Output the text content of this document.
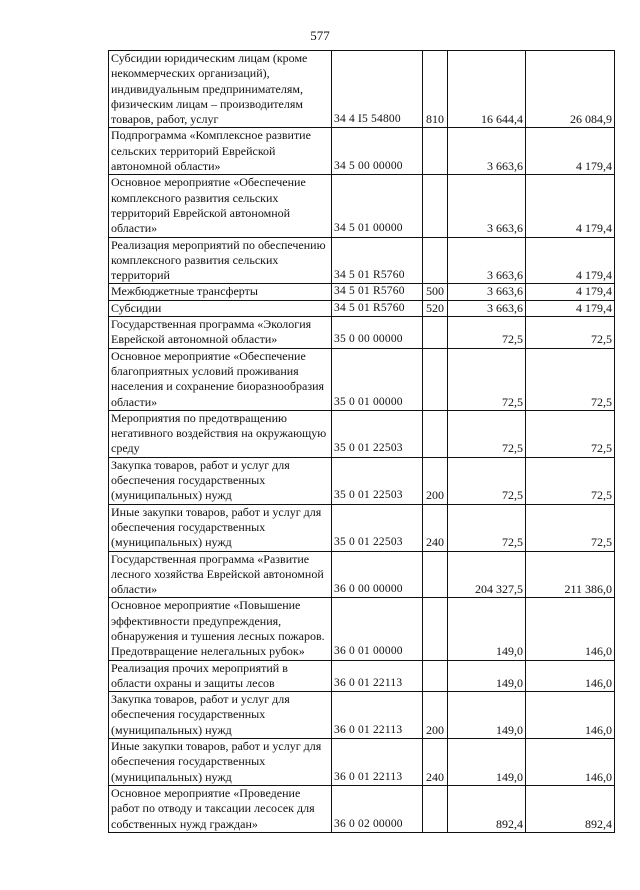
577
Субсидии юридическим лицам (кроме некоммерческих организаций), индивидуальным предпринимателям, физическим лицам – производителям товаров, работ, услуг	34 4 I5 54800	810	16 644,4	26 084,9
Подпрограмма «Комплексное развитие сельских территорий Еврейской автономной области»	34 5 00 00000		3 663,6	4 179,4
Основное мероприятие «Обеспечение комплексного развития сельских территорий Еврейской автономной области»	34 5 01 00000		3 663,6	4 179,4
Реализация мероприятий по обеспечению комплексного развития сельских территорий	34 5 01 R5760		3 663,6	4 179,4
Межбюджетные трансферты	34 5 01 R5760	500	3 663,6	4 179,4
Субсидии	34 5 01 R5760	520	3 663,6	4 179,4
Государственная программа «Экология Еврейской автономной области»	35 0 00 00000		72,5	72,5
Основное мероприятие «Обеспечение благоприятных условий проживания населения и сохранение биоразнообразия области»	35 0 01 00000		72,5	72,5
Мероприятия по предотвращению негативного воздействия на окружающую среду	35 0 01 22503		72,5	72,5
Закупка товаров, работ и услуг для обеспечения государственных (муниципальных) нужд	35 0 01 22503	200	72,5	72,5
Иные закупки товаров, работ и услуг для обеспечения государственных (муниципальных) нужд	35 0 01 22503	240	72,5	72,5
Государственная программа «Развитие лесного хозяйства Еврейской автономной области»	36 0 00 00000		204 327,5	211 386,0
Основное мероприятие «Повышение эффективности предупреждения, обнаружения и тушения лесных пожаров. Предотвращение нелегальных рубок»	36 0 01 00000		149,0	146,0
Реализация прочих мероприятий в области охраны и защиты лесов	36 0 01 22113		149,0	146,0
Закупка товаров, работ и услуг для обеспечения государственных (муниципальных) нужд	36 0 01 22113	200	149,0	146,0
Иные закупки товаров, работ и услуг для обеспечения государственных (муниципальных) нужд	36 0 01 22113	240	149,0	146,0
Основное мероприятие «Проведение работ по отводу и таксации лесосек для собственных нужд граждан»	36 0 02 00000		892,4	892,4
